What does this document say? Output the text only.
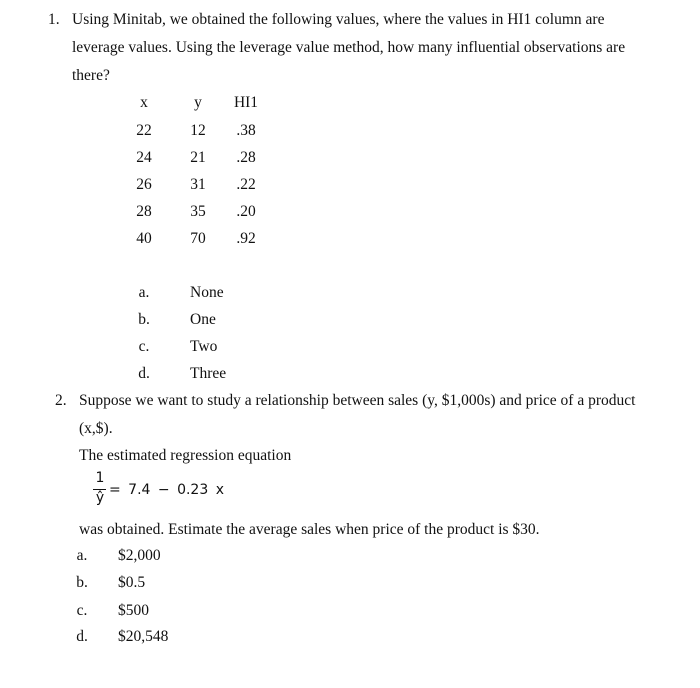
1. Using Minitab, we obtained the following values, where the values in HI1 column are
leverage values. Using the leverage value method, how many influential observations are
there?
x	y	HI1
22	12	.38
24	21	.28
26	31	.22
28	35	.20
40	70	.92
a.	None
b.	One
c.	Two
d.	Three
2. Suppose we want to study a relationship between sales (y, $1,000s) and price of a product
(x,$).
The estimated regression equation
1
ŷ = 7.4 − 0.23 x
was obtained. Estimate the average sales when price of the product is $30.
a. $2,000
b. $0.5
c. $500
d. $20,548
